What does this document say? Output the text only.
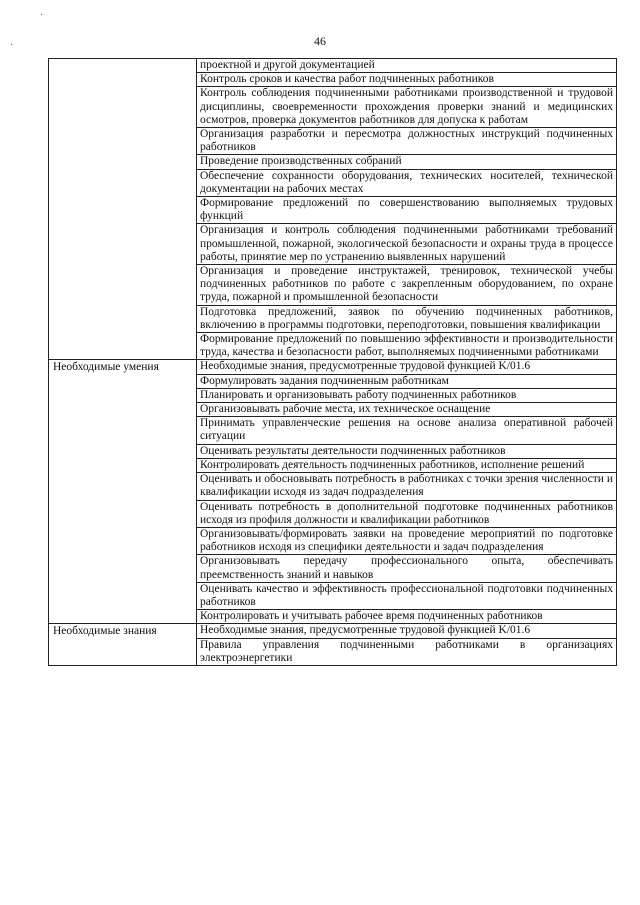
·
·	46

	проектной и другой документацией

	Контроль сроков и качества работ подчиненных работников

	Контроль соблюдения подчиненными работниками производственной и трудовой дисциплины, своевременности прохождения проверки знаний и медицинских осмотров, проверка документов работников для допуска к работам

	Организация разработки и пересмотра должностных инструкций подчиненных работников

	Проведение производственных собраний

	Обеспечение сохранности оборудования, технических носителей, технической документации на рабочих местах

	Формирование предложений по совершенствованию выполняемых трудовых функций

	Организация и контроль соблюдения подчиненными работниками требований промышленной, пожарной, экологической безопасности и охраны труда в процессе работы, принятие мер по устранению выявленных нарушений

	Организация и проведение инструктажей, тренировок, технической учебы подчиненных работников по работе с закрепленным оборудованием, по охране труда, пожарной и промышленной безопасности

	Подготовка предложений, заявок по обучению подчиненных работников, включению в программы подготовки, переподготовки, повышения квалификации

	Формирование предложений по повышению эффективности и производительности труда, качества и безопасности работ, выполняемых подчиненными работниками

Необходимые умения	Необходимые знания, предусмотренные трудовой функцией K/01.6

	Формулировать задания подчиненным работникам

	Планировать и организовывать работу подчиненных работников

	Организовывать рабочие места, их техническое оснащение

	Принимать управленческие решения на основе анализа оперативной рабочей ситуации

	Оценивать результаты деятельности подчиненных работников

	Контролировать деятельность подчиненных работников, исполнение решений

	Оценивать и обосновывать потребность в работниках с точки зрения численности и квалификации исходя из задач подразделения

	Оценивать потребность в дополнительной подготовке подчиненных работников исходя из профиля должности и квалификации работников

	Организовывать/формировать заявки на проведение мероприятий по подготовке работников исходя из специфики деятельности и задач подразделения

	Организовывать передачу профессионального опыта, обеспечивать преемственность знаний и навыков

	Оценивать качество и эффективность профессиональной подготовки подчиненных работников

	Контролировать и учитывать рабочее время подчиненных работников

Необходимые знания	Необходимые знания, предусмотренные трудовой функцией K/01.6

	Правила управления подчиненными работниками в организациях электроэнергетики
